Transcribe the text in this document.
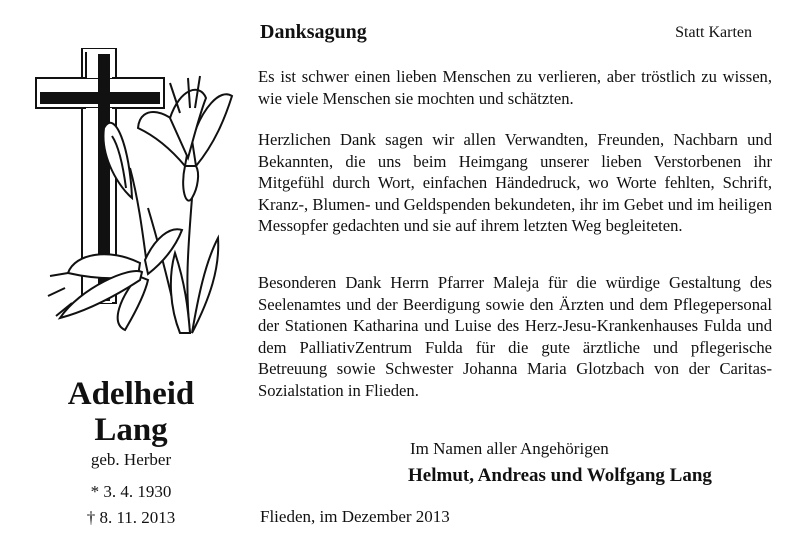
Adelheid
Lang
geb. Herber
* 3. 4. 1930
† 8. 11. 2013
Danksagung	Statt Karten
Es ist schwer einen lieben Menschen zu verlieren, aber tröstlich zu wissen, wie viele Menschen sie mochten und schätzten.
Herzlichen Dank sagen wir allen Verwandten, Freunden, Nachbarn und Bekannten, die uns beim Heimgang unserer lieben Verstorbenen ihr Mitgefühl durch Wort, einfachen Händedruck, wo Worte fehlten, Schrift, Kranz-, Blumen- und Geldspenden bekundeten, ihr im Gebet und im heiligen Messopfer gedachten und sie auf ihrem letzten Weg begleiteten.
Besonderen Dank Herrn Pfarrer Maleja für die würdige Gestaltung des Seelenamtes und der Beerdigung sowie den Ärzten und dem Pflegepersonal der Stationen Katharina und Luise des Herz-Jesu-Krankenhauses Fulda und dem PalliativZentrum Fulda für die gute ärztliche und pflegerische Betreuung sowie Schwester Johanna Maria Glotzbach von der Caritas-Sozialstation in Flieden.
Im Namen aller Angehörigen
Helmut, Andreas und Wolfgang Lang
Flieden, im Dezember 2013
